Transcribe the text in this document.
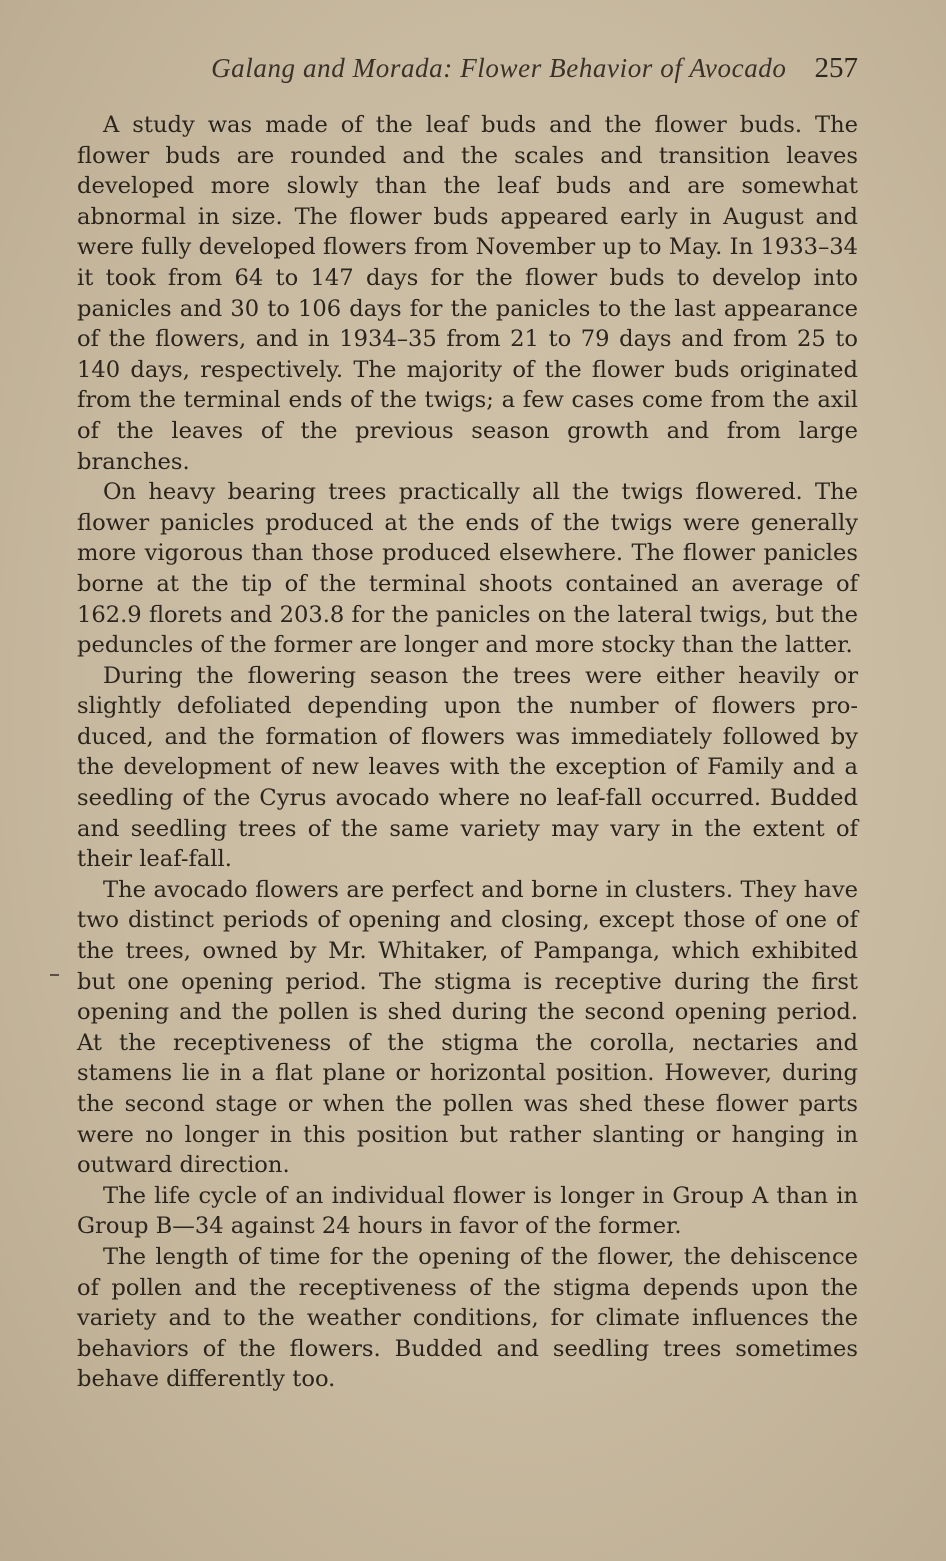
Galang and Morada: Flower Behavior of Avocado 257

A study was made of the leaf buds and the flower buds. The flower buds are rounded and the scales and transition leaves developed more slowly than the leaf buds and are somewhat abnormal in size. The flower buds appeared early in August and were fully developed flowers from November up to May. In 1933–34 it took from 64 to 147 days for the flower buds to develop into panicles and 30 to 106 days for the panicles to the last appearance of the flowers, and in 1934–35 from 21 to 79 days and from 25 to 140 days, respectively. The majority of the flower buds originated from the terminal ends of the twigs; a few cases come from the axil of the leaves of the previous season growth and from large branches.

On heavy bearing trees practically all the twigs flowered. The flower panicles produced at the ends of the twigs were generally more vigorous than those produced elsewhere. The flower panicles borne at the tip of the terminal shoots contained an average of 162.9 florets and 203.8 for the panicles on the lateral twigs, but the peduncles of the former are longer and more stocky than the latter.

During the flowering season the trees were either heavily or slightly defoliated depending upon the number of flowers produced, and the formation of flowers was immediately followed by the development of new leaves with the exception of Family and a seedling of the Cyrus avocado where no leaf-fall occurred. Budded and seedling trees of the same variety may vary in the extent of their leaf-fall.

The avocado flowers are perfect and borne in clusters. They have two distinct periods of opening and closing, except those of one of the trees, owned by Mr. Whitaker, of Pampanga, which exhibited but one opening period. The stigma is receptive during the first opening and the pollen is shed during the second opening period. At the receptiveness of the stigma the corolla, nectaries and stamens lie in a flat plane or horizontal position. However, during the second stage or when the pollen was shed these flower parts were no longer in this position but rather slanting or hanging in outward direction.

The life cycle of an individual flower is longer in Group A than in Group B—34 against 24 hours in favor of the former.

The length of time for the opening of the flower, the dehiscence of pollen and the receptiveness of the stigma depends upon the variety and to the weather conditions, for climate influences the behaviors of the flowers. Budded and seedling trees sometimes behave differently too.
